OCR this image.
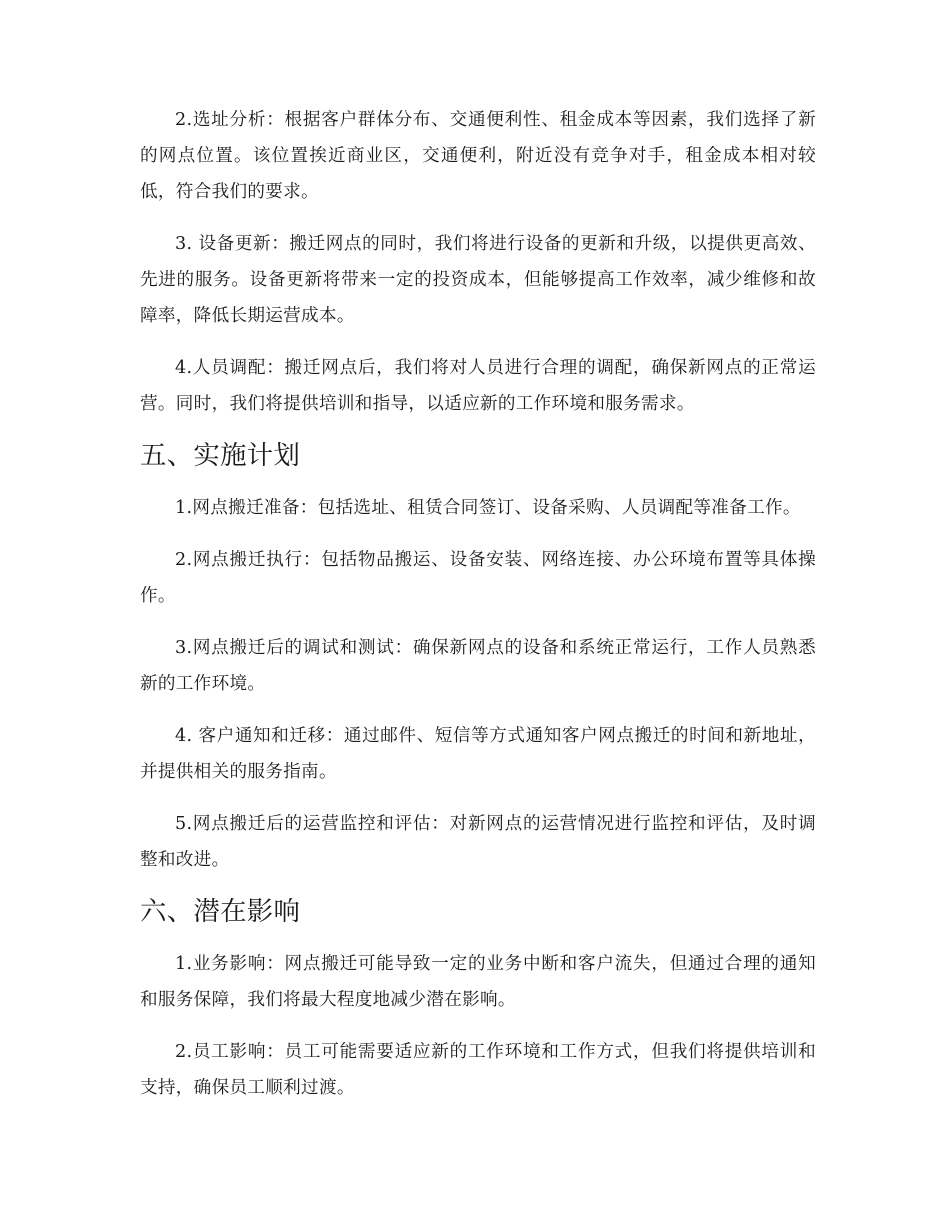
2.选址分析：根据客户群体分布、交通便利性、租金成本等因素，我们选择了新的网点位置。该位置挨近商业区，交通便利，附近没有竞争对手，租金成本相对较低，符合我们的要求。

3. 设备更新：搬迁网点的同时，我们将进行设备的更新和升级，以提供更高效、先进的服务。设备更新将带来一定的投资成本，但能够提高工作效率，减少维修和故障率，降低长期运营成本。

4.人员调配：搬迁网点后，我们将对人员进行合理的调配，确保新网点的正常运营。同时，我们将提供培训和指导，以适应新的工作环境和服务需求。

五、实施计划

1.网点搬迁准备：包括选址、租赁合同签订、设备采购、人员调配等准备工作。

2.网点搬迁执行：包括物品搬运、设备安装、网络连接、办公环境布置等具体操作。

3.网点搬迁后的调试和测试：确保新网点的设备和系统正常运行，工作人员熟悉新的工作环境。

4. 客户通知和迁移：通过邮件、短信等方式通知客户网点搬迁的时间和新地址，并提供相关的服务指南。

5.网点搬迁后的运营监控和评估：对新网点的运营情况进行监控和评估，及时调整和改进。

六、潜在影响

1.业务影响：网点搬迁可能导致一定的业务中断和客户流失，但通过合理的通知和服务保障，我们将最大程度地减少潜在影响。

2.员工影响：员工可能需要适应新的工作环境和工作方式，但我们将提供培训和支持，确保员工顺利过渡。
